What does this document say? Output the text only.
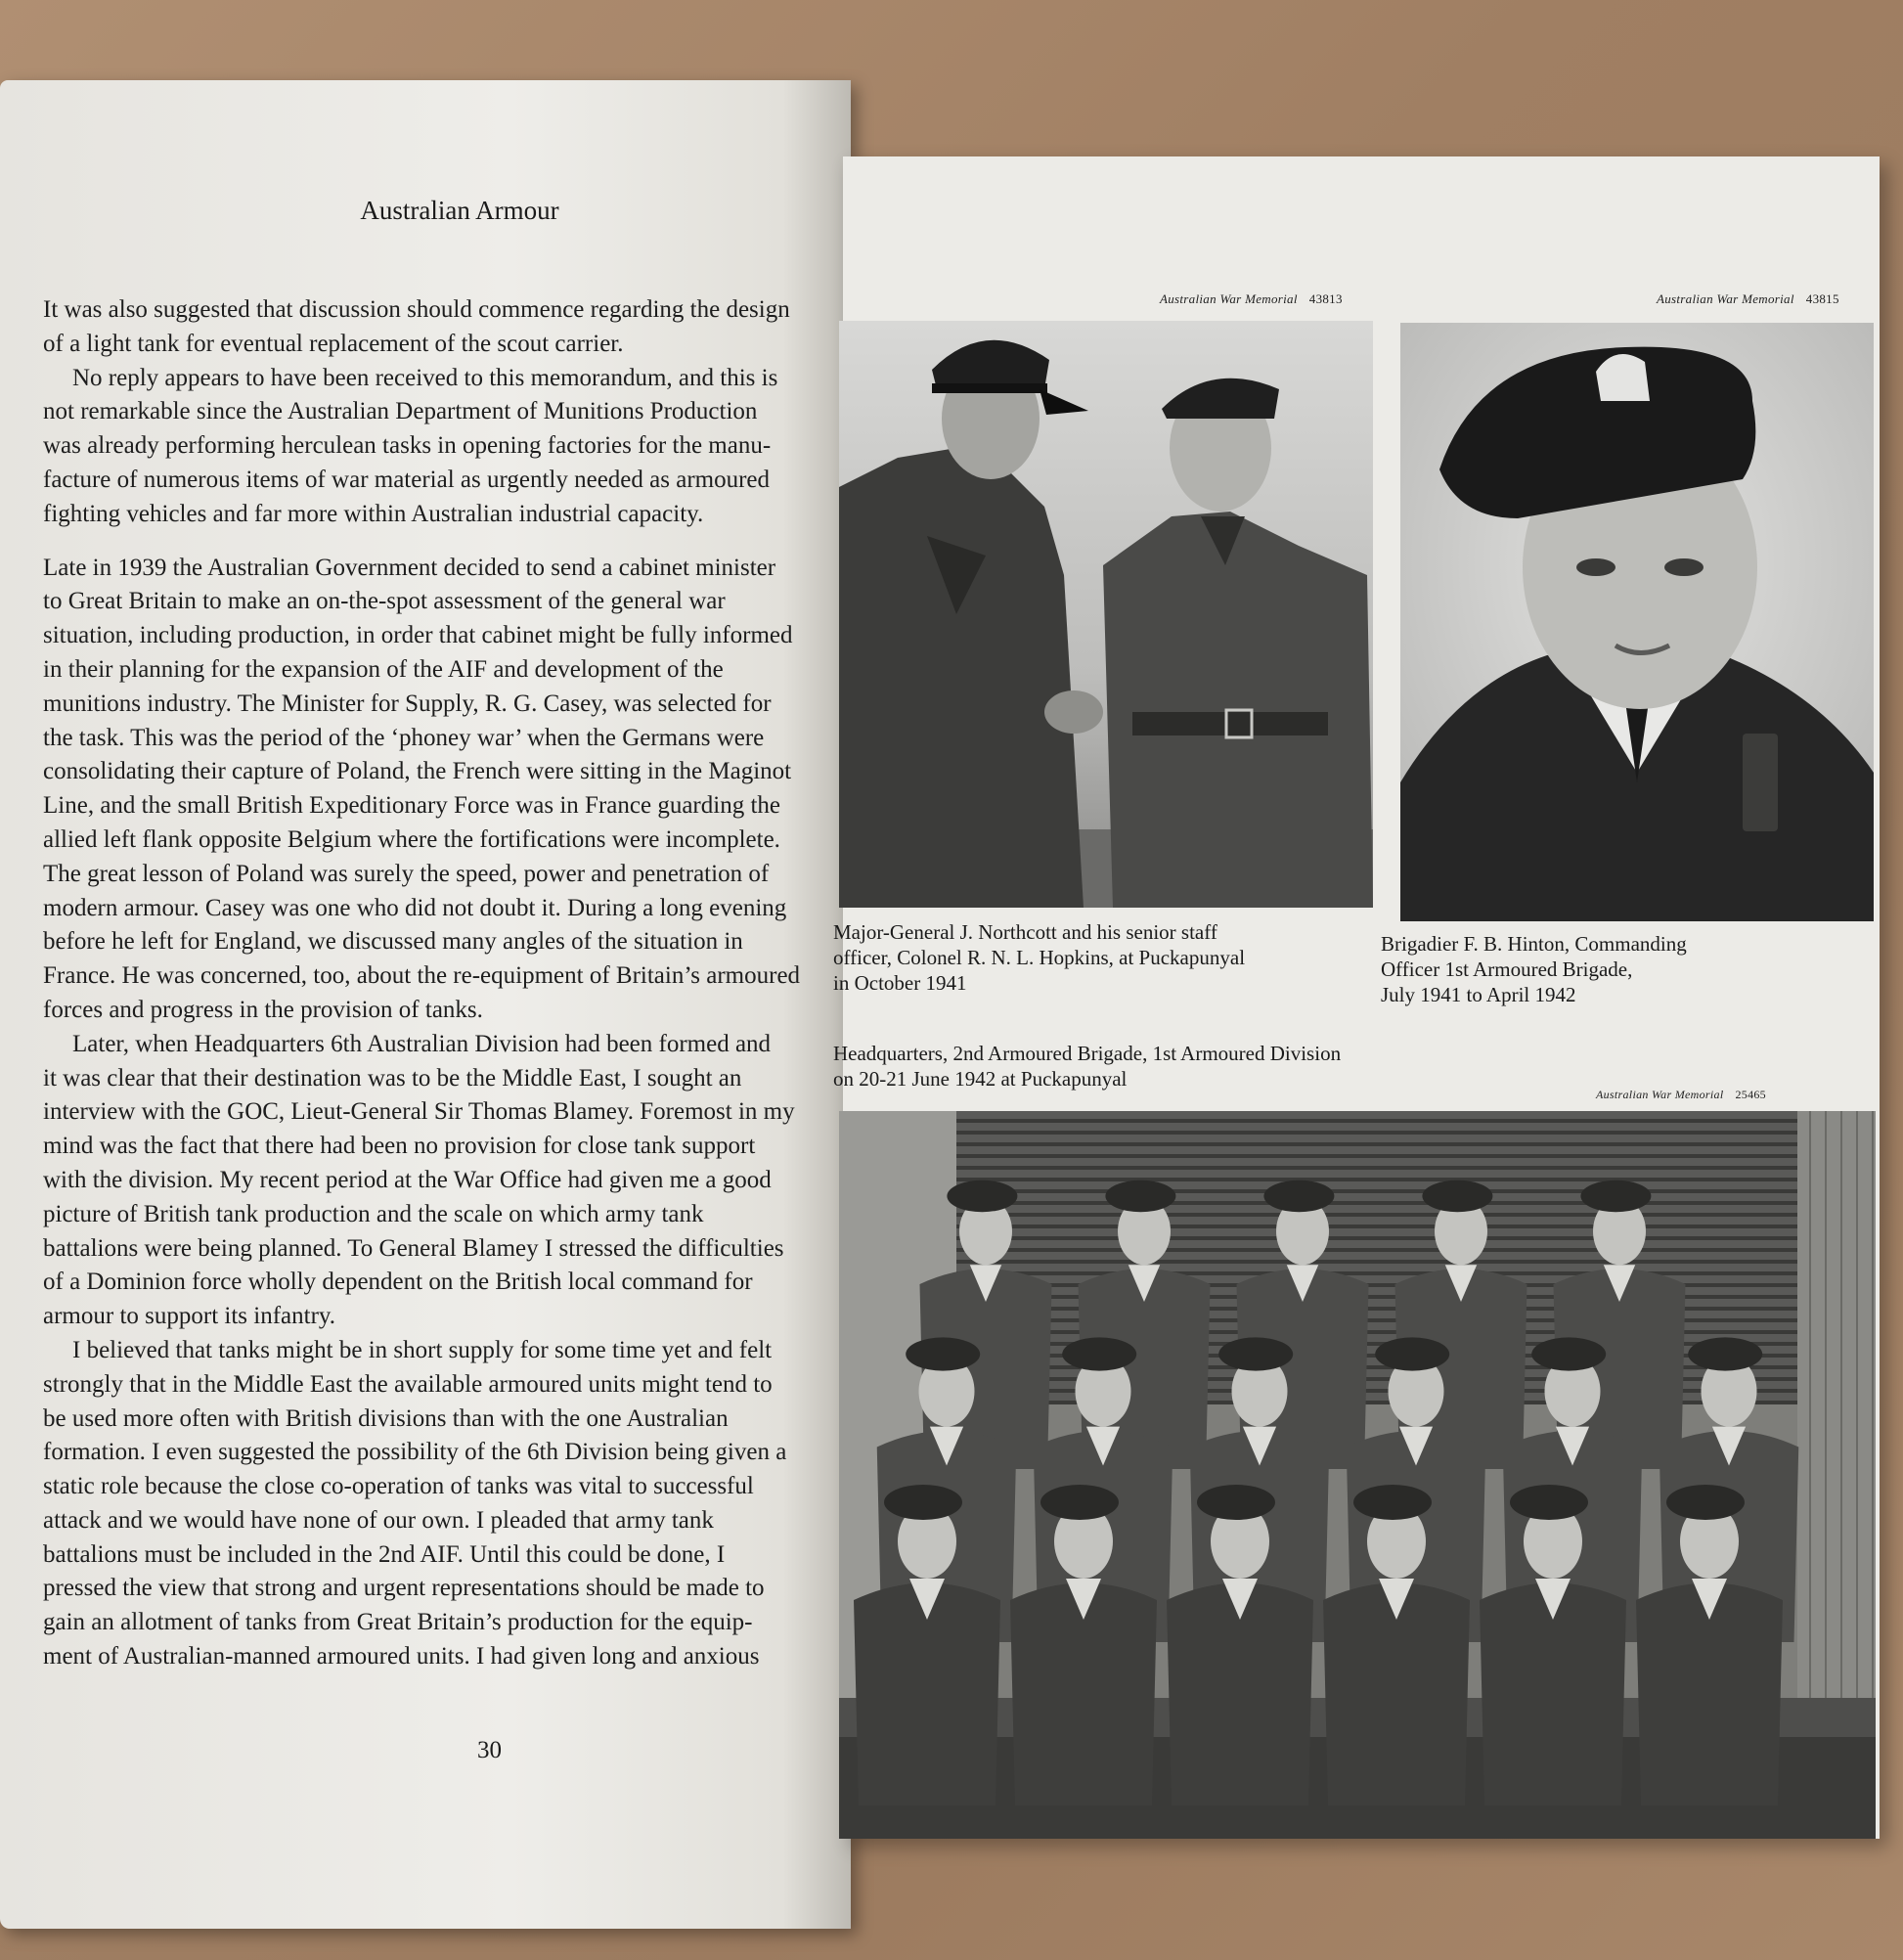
Australian Armour
It was also suggested that discussion should commence regarding the design
of a light tank for eventual replacement of the scout carrier.
No reply appears to have been received to this memorandum, and this is
not remarkable since the Australian Department of Munitions Production
was already performing herculean tasks in opening factories for the manu-
facture of numerous items of war material as urgently needed as armoured
fighting vehicles and far more within Australian industrial capacity.
Late in 1939 the Australian Government decided to send a cabinet minister
to Great Britain to make an on-the-spot assessment of the general war
situation, including production, in order that cabinet might be fully informed
in their planning for the expansion of the AIF and development of the
munitions industry. The Minister for Supply, R. G. Casey, was selected for
the task. This was the period of the ‘phoney war’ when the Germans were
consolidating their capture of Poland, the French were sitting in the Maginot
Line, and the small British Expeditionary Force was in France guarding the
allied left flank opposite Belgium where the fortifications were incomplete.
The great lesson of Poland was surely the speed, power and penetration of
modern armour. Casey was one who did not doubt it. During a long evening
before he left for England, we discussed many angles of the situation in
France. He was concerned, too, about the re-equipment of Britain’s armoured
forces and progress in the provision of tanks.
Later, when Headquarters 6th Australian Division had been formed and
it was clear that their destination was to be the Middle East, I sought an
interview with the GOC, Lieut-General Sir Thomas Blamey. Foremost in my
mind was the fact that there had been no provision for close tank support
with the division. My recent period at the War Office had given me a good
picture of British tank production and the scale on which army tank
battalions were being planned. To General Blamey I stressed the difficulties
of a Dominion force wholly dependent on the British local command for
armour to support its infantry.
I believed that tanks might be in short supply for some time yet and felt
strongly that in the Middle East the available armoured units might tend to
be used more often with British divisions than with the one Australian
formation. I even suggested the possibility of the 6th Division being given a
static role because the close co-operation of tanks was vital to successful
attack and we would have none of our own. I pleaded that army tank
battalions must be included in the 2nd AIF. Until this could be done, I
pressed the view that strong and urgent representations should be made to
gain an allotment of tanks from Great Britain’s production for the equip-
ment of Australian-manned armoured units. I had given long and anxious
30
Australian War Memorial 43813	Australian War Memorial 43815
Major-General J. Northcott and his senior staff
officer, Colonel R. N. L. Hopkins, at Puckapunyal
in October 1941
Brigadier F. B. Hinton, Commanding
Officer 1st Armoured Brigade,
July 1941 to April 1942
Headquarters, 2nd Armoured Brigade, 1st Armoured Division
on 20-21 June 1942 at Puckapunyal
Australian War Memorial 25465
